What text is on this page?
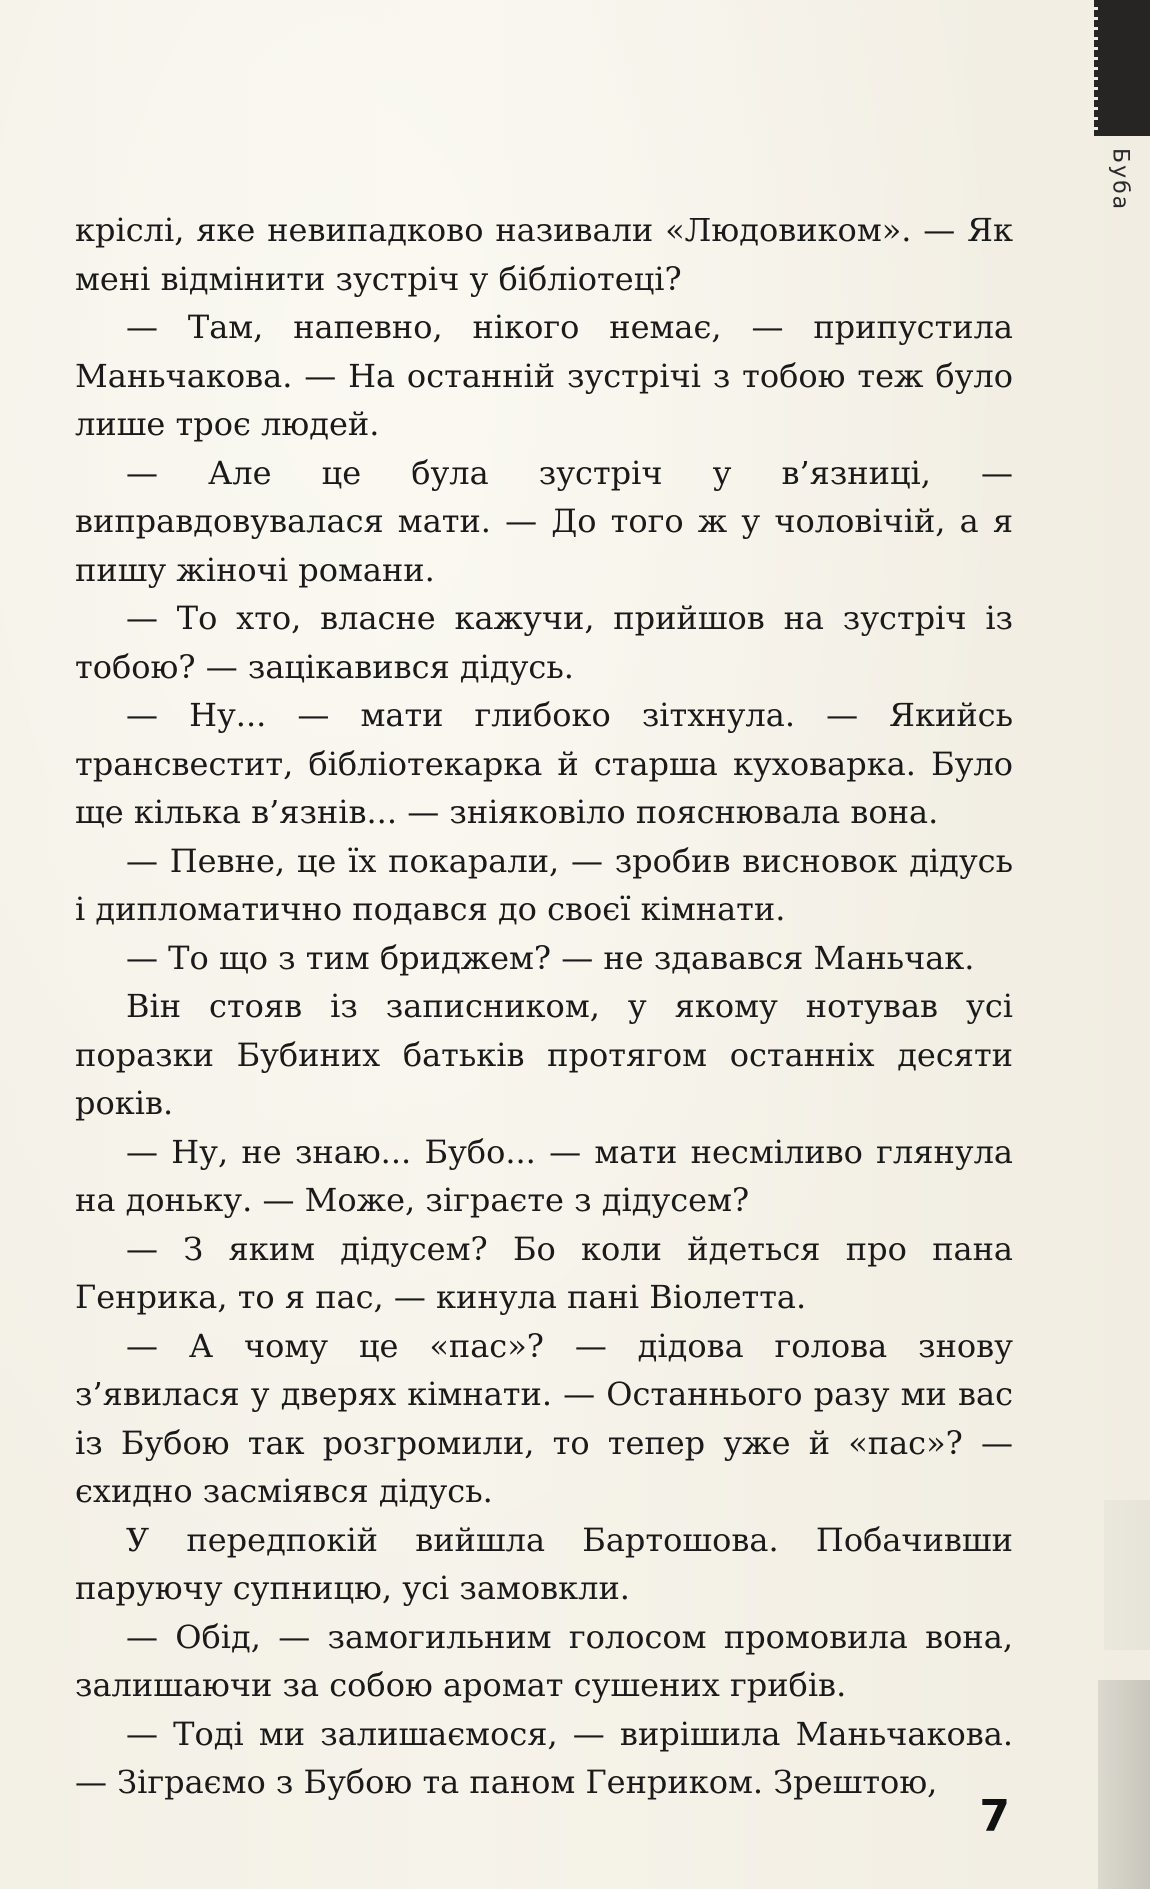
Буба

кріслі, яке невипадково називали «Людовиком». — Як мені відмінити зустріч у бібліотеці?

— Там, напевно, нікого немає, — припустила Маньчакова. — На останній зустрічі з тобою теж було лише троє людей.

— Але це була зустріч у в’язниці, — виправдовувалася мати. — До того ж у чоловічій, а я пишу жіночі романи.

— То хто, власне кажучи, прийшов на зустріч із тобою? — зацікавився дідусь.

— Ну... — мати глибоко зітхнула. — Якийсь трансвестит, бібліотекарка й старша куховарка. Було ще кілька в’язнів... — зніяковіло пояснювала вона.

— Певне, це їх покарали, — зробив висновок дідусь і дипломатично подався до своєї кімнати.

— То що з тим бриджем? — не здавався Маньчак.

Він стояв із записником, у якому нотував усі поразки Бубиних батьків протягом останніх десяти років.

— Ну, не знаю... Бубо... — мати несміливо глянула на доньку. — Може, зіграєте з дідусем?

— З яким дідусем? Бо коли йдеться про пана Генрика, то я пас, — кинула пані Віолетта.

— А чому це «пас»? — дідова голова знову з’явилася у дверях кімнати. — Останнього разу ми вас із Бубою так розгромили, то тепер уже й «пас»? — єхидно засміявся дідусь.

У передпокій вийшла Бартошова. Побачивши паруючу супницю, усі замовкли.

— Обід, — замогильним голосом промовила вона, залишаючи за собою аромат сушених грибів.

— Тоді ми залишаємося, — вирішила Маньчакова. — Зіграємо з Бубою та паном Генриком. Зрештою,

7
